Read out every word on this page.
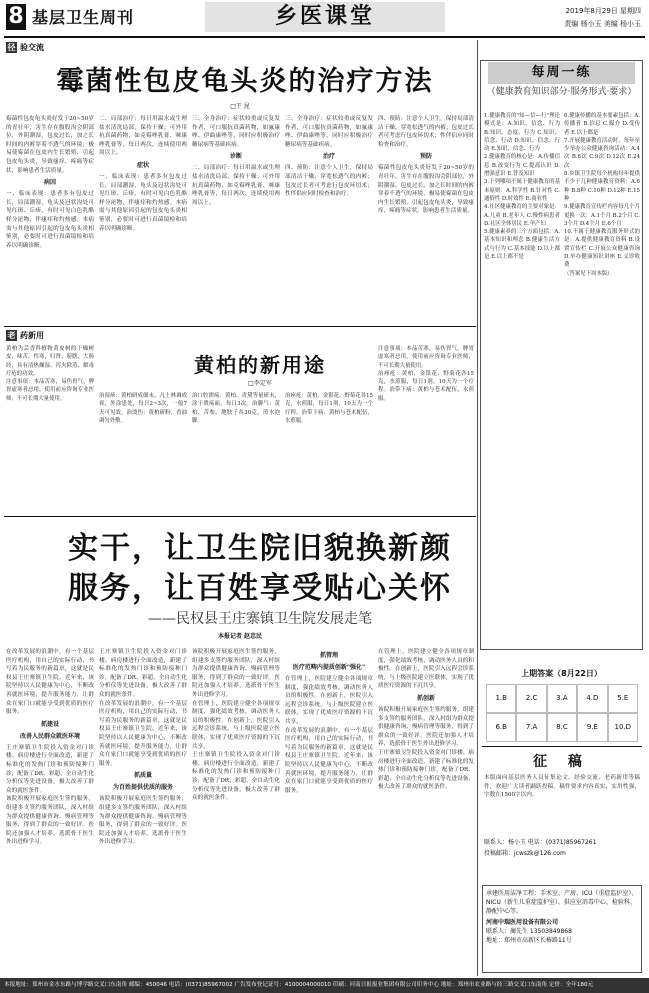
8 基层卫生周刊	乡医课堂	2019年8月29日 星期四
责编 杨小玉 美编 杨小玉
径 验交流
霉菌性包皮龟头炎的治疗方法
□王 昆
霉菌性包皮龟头炎好发于20~50岁的青壮年，害生存在腹股沟会阴部位，外阴潮湿，包皮过长，加之长时间的内裤穿着不透气的环境，极易使霉菌在包皮内生长繁殖，引起包皮龟头炎，导致瘙痒、疼痛等症状，影响患者生活质量。
病因
一、临床表现：患者多有包皮过长，局部潮湿，龟头及冠状沟处可见红斑、丘疹，有时可见白色乳酪样分泌物，伴瘙痒和灼热感。本病需与其他原因引起的包皮龟头炎相鉴别，必要时可进行真菌镜检和培养以明确诊断。
二、局部治疗：每日用温水或生理盐水清洗局部，保持干燥；可外用抗真菌药物，如克霉唑乳膏、咪康唑乳膏等，每日两次，连续使用两周以上。
症状
一、临床表现：患者多有包皮过长，局部潮湿，龟头及冠状沟处可见红斑、丘疹，有时可见白色乳酪样分泌物，伴瘙痒和灼热感。本病需与其他原因引起的包皮龟头炎相鉴别，必要时可进行真菌镜检和培养以明确诊断。
三、全身治疗：症状较重或反复发作者，可口服抗真菌药物，如氟康唑、伊曲康唑等，同时应积极治疗糖尿病等基础疾病。
诊断
二、局部治疗：每日用温水或生理盐水清洗局部，保持干燥；可外用抗真菌药物，如克霉唑乳膏、咪康唑乳膏等，每日两次，连续使用两周以上。
三、全身治疗：症状较重或反复发作者，可口服抗真菌药物，如氟康唑、伊曲康唑等，同时应积极治疗糖尿病等基础疾病。
治疗
四、预防：注意个人卫生，保持局部清洁干燥，穿宽松透气的内裤；包皮过长者可考虑行包皮环切术；性伴侣应同时检查和治疗。
四、预防：注意个人卫生，保持局部清洁干燥，穿宽松透气的内裤；包皮过长者可考虑行包皮环切术；性伴侣应同时检查和治疗。
预防
霉菌性包皮龟头炎好发于20~50岁的青壮年，害生存在腹股沟会阴部位，外阴潮湿，包皮过长，加之长时间的内裤穿着不透气的环境，极易使霉菌在包皮内生长繁殖，引起包皮龟头炎，导致瘙痒、疼痛等症状，影响患者生活质量。
老 药新用
黄柏的新用途
□李定军
黄柏为芸香科植物黄皮树的干燥树皮，味苦，性寒，归肾、膀胱、大肠经，具有清热燥湿、泻火除蒸、解毒疗疮的功效。
注意事项：本品苦寒，易伤胃气，脾胃虚寒者忌用。使用前应咨询专业医师，不可长期大量使用。	治湿疹：黄柏研成细末，凡士林调成膏，外涂患处，每日2~3次，一般7天可见效。治烫伤：黄柏研粉，香油调匀外敷。
治口腔溃疡：黄柏、青黛等量研末，涂于溃疡面，每日3次。治脚气：黄柏、苦参、地肤子各30克，煎水泡脚。
治痤疮：黄柏、金银花、野菊花各15克，水煎服，每日1剂，10天为一个疗程。治带下病：黄柏与苍术配伍，水煎服。
注意事项：本品苦寒，易伤胃气，脾胃虚寒者忌用。使用前应咨询专业医师，不可长期大量使用。
治痤疮：黄柏、金银花、野菊花各15克，水煎服，每日1剂，10天为一个疗程。治带下病：黄柏与苍术配伍，水煎服。
实干，让卫生院旧貌换新颜
服务，让百姓享受贴心关怀
——民权县王庄寨镇卫生院发展走笔
本报记者 赵忠民
在改革发展的浪潮中，有一个基层医疗机构，用自己的实际行动，书写着为民服务的新篇章，这就是民权县王庄寨镇卫生院。近年来，该院坚持以人民健康为中心，不断改善就医环境，提升服务能力，让群众在家门口就能享受到优质的医疗服务。
抓建设
改善人民群众就医环境
王庄寨镇卫生院投入资金对门诊楼、病房楼进行全面改造，新建了标准化的发热门诊和预防接种门诊，配备了DR、彩超、全自动生化分析仪等先进设备，极大改善了群众的就医条件。
该院积极开展家庭医生签约服务，组建多支签约服务团队，深入村组为群众提供健康咨询、慢病管理等服务，得到了群众的一致好评。医院还加强人才培养，选派骨干医生外出进修学习。
王庄寨镇卫生院投入资金对门诊楼、病房楼进行全面改造，新建了标准化的发热门诊和预防接种门诊，配备了DR、彩超、全自动生化分析仪等先进设备，极大改善了群众的就医条件。
在改革发展的浪潮中，有一个基层医疗机构，用自己的实际行动，书写着为民服务的新篇章，这就是民权县王庄寨镇卫生院。近年来，该院坚持以人民健康为中心，不断改善就医环境，提升服务能力，让群众在家门口就能享受到优质的医疗服务。
抓质量
为百姓提供优质的服务
该院积极开展家庭医生签约服务，组建多支签约服务团队，深入村组为群众提供健康咨询、慢病管理等服务，得到了群众的一致好评。医院还加强人才培养，选派骨干医生外出进修学习。
该院积极开展家庭医生签约服务，组建多支签约服务团队，深入村组为群众提供健康咨询、慢病管理等服务，得到了群众的一致好评。医院还加强人才培养，选派骨干医生外出进修学习。
在管理上，医院建立健全各项规章制度，强化绩效考核，调动医务人员的积极性。在创新上，医院引入远程会诊系统，与上级医院建立医联体，实现了优质医疗资源的下沉共享。
王庄寨镇卫生院投入资金对门诊楼、病房楼进行全面改造，新建了标准化的发热门诊和预防接种门诊，配备了DR、彩超、全自动生化分析仪等先进设备，极大改善了群众的就医条件。
抓管理
医疗范畴内提质创新"强化"
在管理上，医院建立健全各项规章制度，强化绩效考核，调动医务人员的积极性。在创新上，医院引入远程会诊系统，与上级医院建立医联体，实现了优质医疗资源的下沉共享。
在改革发展的浪潮中，有一个基层医疗机构，用自己的实际行动，书写着为民服务的新篇章，这就是民权县王庄寨镇卫生院。近年来，该院坚持以人民健康为中心，不断改善就医环境，提升服务能力，让群众在家门口就能享受到优质的医疗服务。
在管理上，医院建立健全各项规章制度，强化绩效考核，调动医务人员的积极性。在创新上，医院引入远程会诊系统，与上级医院建立医联体，实现了优质医疗资源的下沉共享。
抓创新
该院积极开展家庭医生签约服务，组建多支签约服务团队，深入村组为群众提供健康咨询、慢病管理等服务，得到了群众的一致好评。医院还加强人才培养，选派骨干医生外出进修学习。
王庄寨镇卫生院投入资金对门诊楼、病房楼进行全面改造，新建了标准化的发热门诊和预防接种门诊，配备了DR、彩超、全自动生化分析仪等先进设备，极大改善了群众的就医条件。
每周一练
（健康教育知识部分·服务形式·要求）
1.健康教育的"知—信—行"理论模式是：A.知识、信念、行为 B.知识、态度、行为 C.知识、信念、行动 D.知识、信念、行动 E.知识、信念、行为
2.健康教育的核心是：A.传播信息 B.改变行为 C.提高认识 D.增强意识 E.普及知识
3.下列哪项不属于健康教育的基本原则：A.科学性 B.针对性 C.通俗性 D.时效性 E.商业性
4.社区健康教育的主要对象是：A.儿童 B.老年人 C.慢性病患者 D.社区全体居民 E.孕产妇
5.健康素养的三个方面包括：A.基本知识和理念 B.健康生活方式与行为 C.基本技能 D.以上都是 E.以上都不是
6.健康传播的基本要素包括：A.传播者 B.信息 C.媒介 D.受传者 E.以上都是
7.开展健康教育活动时，每年至少举办公众健康咨询活动：A.4次 B.6次 C.9次 D.12次 E.24次
8.乡镇卫生院每个机构每年提供不少于几种健康教育资料：A.6种 B.8种 C.10种 D.12种 E.15种
9.健康教育宣传栏内容每几个月更换一次：A.1个月 B.2个月 C.3个月 D.4个月 E.6个月
10.不属于健康教育服务形式的是：A.提供健康教育资料 B.设置宣传栏 C.开展公众健康咨询 D.举办健康知识讲座 E.义诊收费
（答案见下周本版）
上期答案（8月22日）
1.B	2.C	3.A	4.D	5.E
6.B	7.A	8.C	9.E	10.D
征 稿
本版面向基层医务人员征集论文、经验交流、老药新用等稿件，欢迎广大读者踊跃投稿。稿件要求内容真实、实用性强，字数在1500字以内。
联系人：杨小玉 电话：(0371)85967261
投稿邮箱：jcwszk@126.com
承建医用洁净工程：手术室、产房、ICU（重症监护室）、NICU（新生儿重症监护室）、供应室消毒中心、检验科、静配中心等。
河南中瑞医用设备有限公司
联系人：蔺先生 13503849868
地址：郑州市高新区长椿路11号
本报地址：郑州市金水东路与博学路交叉口东南角 邮编：450046 电话：(0371)85967002 广告发布登记证号：4100004000010 印刷：河南日报报业集团有限公司印务中心 地址：郑州市农业路与经三路交叉口东南角 定价：全年180元
